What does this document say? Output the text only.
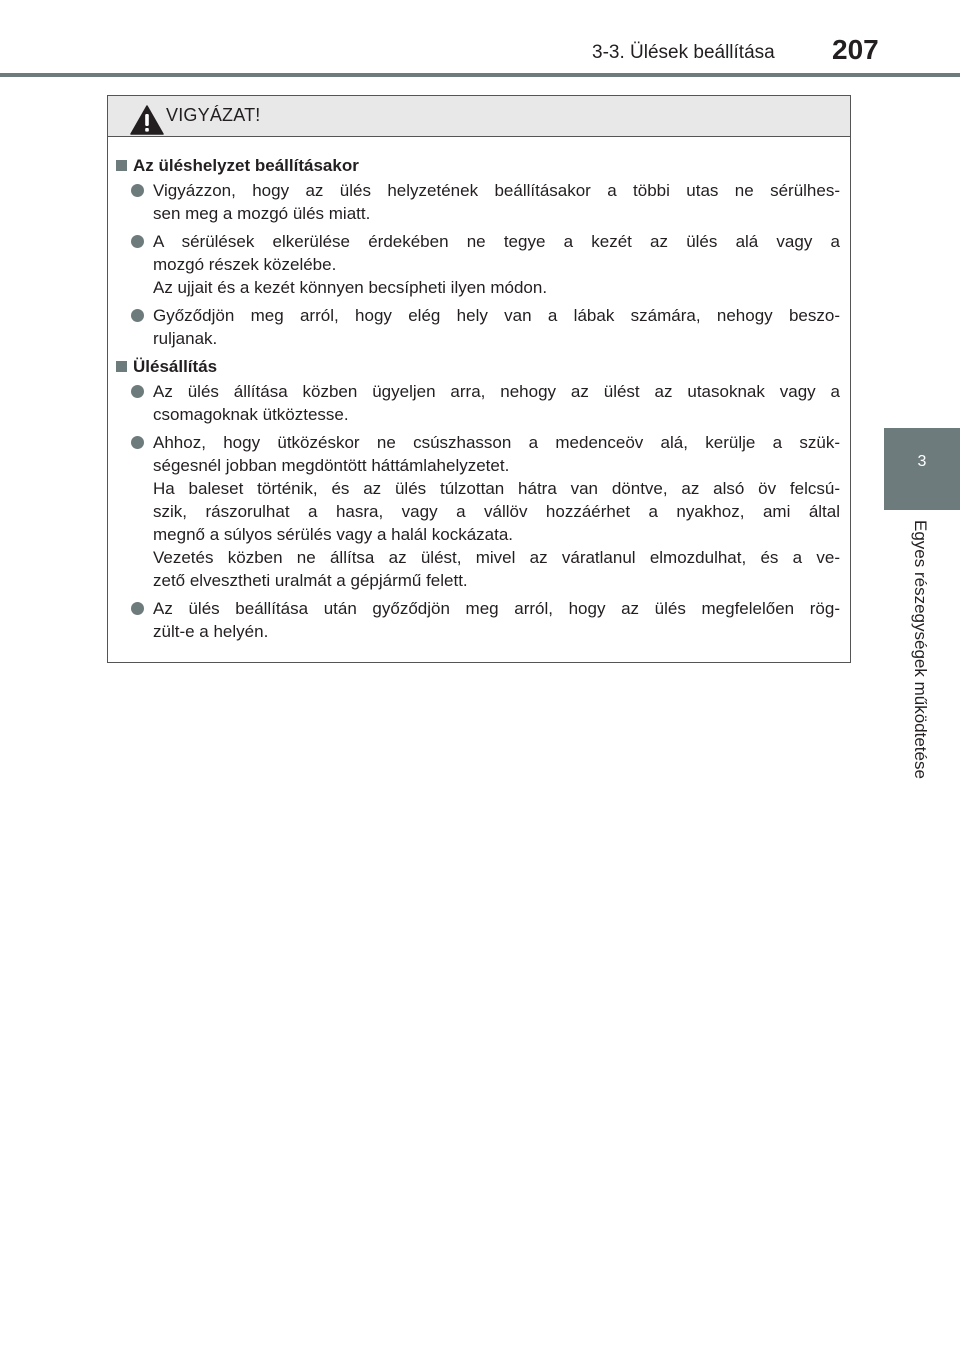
3-3. Ülések beállítása 207
3
Egyes részegységek működtetése
VIGYÁZAT!
Az üléshelyzet beállításakor
Vigyázzon, hogy az ülés helyzetének beállításakor a többi utas ne sérülhes-
sen meg a mozgó ülés miatt.
A sérülések elkerülése érdekében ne tegye a kezét az ülés alá vagy a
mozgó részek közelébe.
Az ujjait és a kezét könnyen becsípheti ilyen módon.
Győződjön meg arról, hogy elég hely van a lábak számára, nehogy beszo-
ruljanak.
Ülésállítás
Az ülés állítása közben ügyeljen arra, nehogy az ülést az utasoknak vagy a
csomagoknak ütköztesse.
Ahhoz, hogy ütközéskor ne csúszhasson a medenceöv alá, kerülje a szük-
ségesnél jobban megdöntött háttámlahelyzetet.
Ha baleset történik, és az ülés túlzottan hátra van döntve, az alsó öv felcsú-
szik, rászorulhat a hasra, vagy a vállöv hozzáérhet a nyakhoz, ami által
megnő a súlyos sérülés vagy a halál kockázata.
Vezetés közben ne állítsa az ülést, mivel az váratlanul elmozdulhat, és a ve-
zető elvesztheti uralmát a gépjármű felett.
Az ülés beállítása után győződjön meg arról, hogy az ülés megfelelően rög-
zült-e a helyén.
